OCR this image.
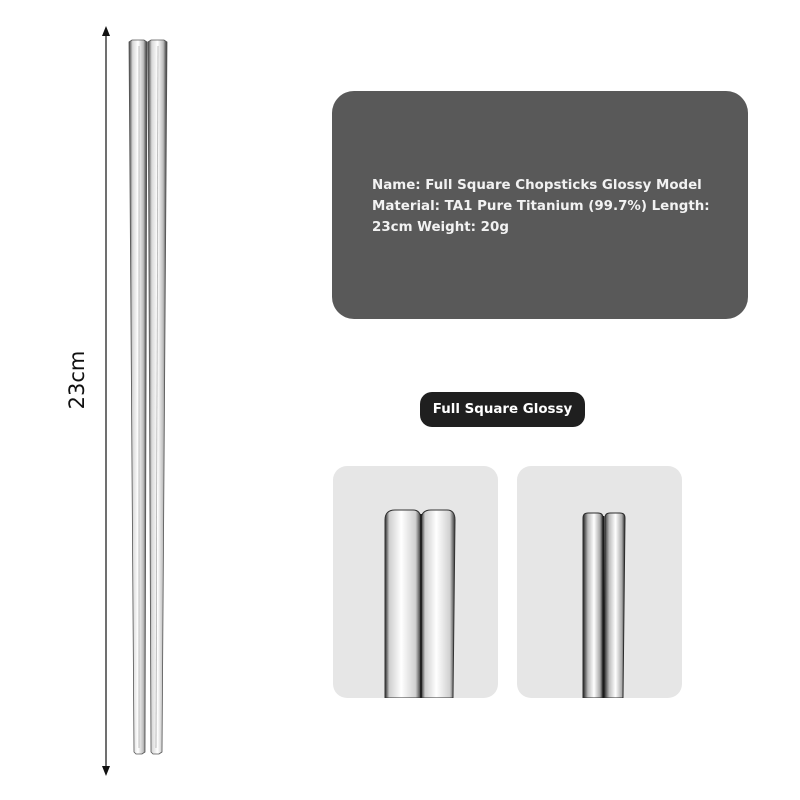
23cm
Name: Full Square Chopsticks Glossy Model Material: TA1 Pure Titanium (99.7%) Length: 23cm Weight: 20g
Full Square Glossy
